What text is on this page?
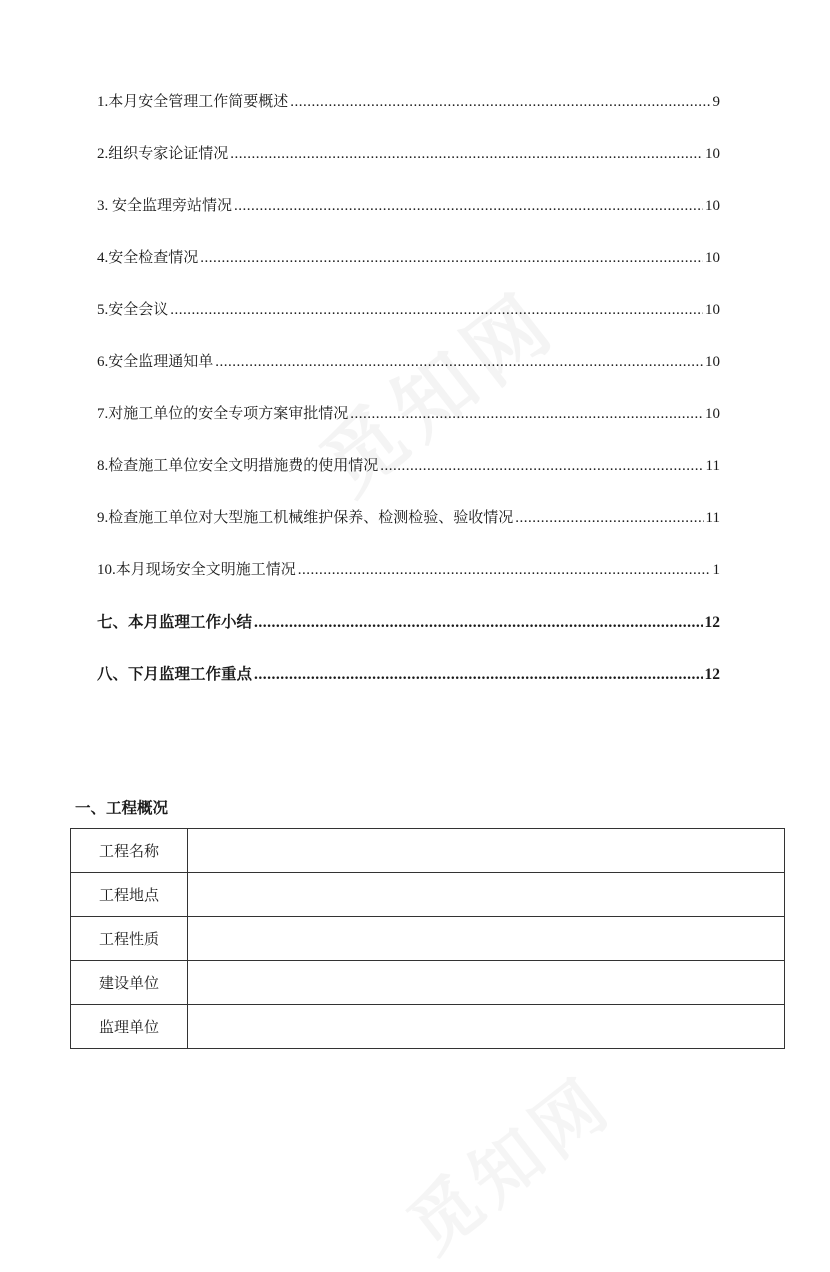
1.本月安全管理工作简要概述 .....	9
2.组织专家论证情况 .....	10
3. 安全监理旁站情况 .....	10
4.安全检查情况 .....	10
5.安全会议 .....	10
6.安全监理通知单 .....	10
7.对施工单位的安全专项方案审批情况 .....	10
8.检查施工单位安全文明措施费的使用情况 .....	11
9.检查施工单位对大型施工机械维护保养、检测检验、验收情况 .....	11
10.本月现场安全文明施工情况 .....	1
七、本月监理工作小结 .....	12
八、下月监理工作重点 .....	12
一、工程概况
工程名称	
工程地点	
工程性质	
建设单位	
监理单位	
